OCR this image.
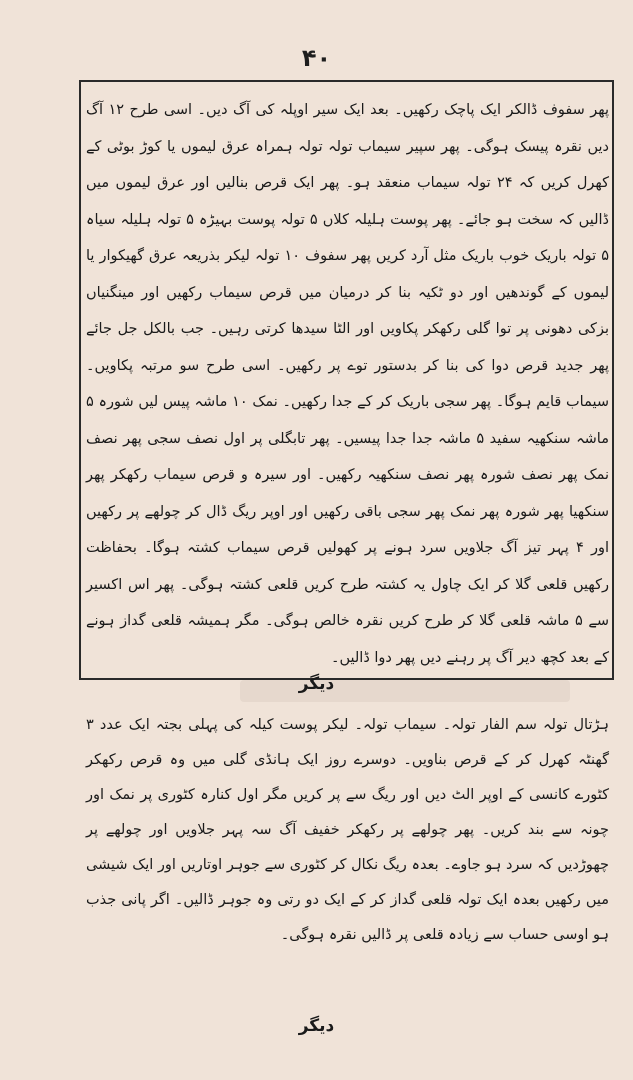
۴۰

پھر سفوف ڈالکر ایک پاچک رکھیں۔ بعد ایک سیر اوپلہ کی آگ دیں۔ اسی طرح ۱۲ آگ دیں نقرہ پیسک ہوگی۔ پھر سپیر سیماب تولہ تولہ ہمراہ عرق لیموں یا کوڑ بوٹی کے کھرل کریں کہ ۲۴ تولہ سیماب منعقد ہو۔ پھر ایک قرص بنالیں اور عرق لیموں میں ڈالیں کہ سخت ہو جائے۔ پھر پوست ہلیلہ کلاں ۵ تولہ پوست بہیڑہ ۵ تولہ ہلیلہ سیاہ ۵ تولہ باریک خوب باریک مثل آرد کریں پھر سفوف ۱۰ تولہ لیکر بذریعہ عرق گھیکوار یا لیموں کے گوندھیں اور دو ٹکیہ بنا کر درمیان میں قرص سیماب رکھیں اور مینگنیاں بزکی دھونی پر توا گلی رکھکر پکاویں اور الٹا سیدھا کرتی رہیں۔ جب بالکل جل جائے پھر جدید قرص دوا کی بنا کر بدستور توے پر رکھیں۔ اسی طرح سو مرتبہ پکاویں۔ سیماب قایم ہوگا۔ پھر سجی باریک کر کے جدا رکھیں۔ نمک ۱۰ ماشہ پیس لیں شورہ ۵ ماشہ سنکھیہ سفید ۵ ماشہ جدا جدا پیسیں۔ پھر تابگلی پر اول نصف سجی پھر نصف نمک پھر نصف شورہ پھر نصف سنکھیہ رکھیں۔ اور سیرہ و قرص سیماب رکھکر پھر سنکھیا پھر شورہ پھر نمک پھر سجی باقی رکھیں اور اوپر ریگ ڈال کر چولھے پر رکھیں اور ۴ پہر تیز آگ جلاویں سرد ہونے پر کھولیں قرص سیماب کشتہ ہوگا۔ بحفاظت رکھیں قلعی گلا کر ایک چاول یہ کشتہ طرح کریں قلعی کشتہ ہوگی۔ پھر اس اکسیر سے ۵ ماشہ قلعی گلا کر طرح کریں نقرہ خالص ہوگی۔ مگر ہمیشہ قلعی گداز ہونے کے بعد کچھ دیر آگ پر رہنے دیں پھر دوا ڈالیں۔

دیگر

ہڑتال تولہ سم الفار تولہ۔ سیماب تولہ۔ لیکر پوست کیلہ کی پہلی بجتہ ایک عدد ۳ گھنٹہ کھرل کر کے قرص بناویں۔ دوسرے روز ایک ہانڈی گلی میں وہ قرص رکھکر کٹورے کانسی کے اوپر الٹ دیں اور ریگ سے پر کریں مگر اول کنارہ کٹوری پر نمک اور چونہ سے بند کریں۔ پھر چولھے پر رکھکر خفیف آگ سہ پہر جلاویں اور چولھے پر چھوڑدیں کہ سرد ہو جاوے۔ بعدہ ریگ نکال کر کٹوری سے جوہر اوتاریں اور ایک شیشی میں رکھیں بعدہ ایک تولہ قلعی گداز کر کے ایک دو رتی وہ جوہر ڈالیں۔ اگر پانی جذب ہو اوسی حساب سے زیادہ قلعی پر ڈالیں نقرہ ہوگی۔

دیگر
